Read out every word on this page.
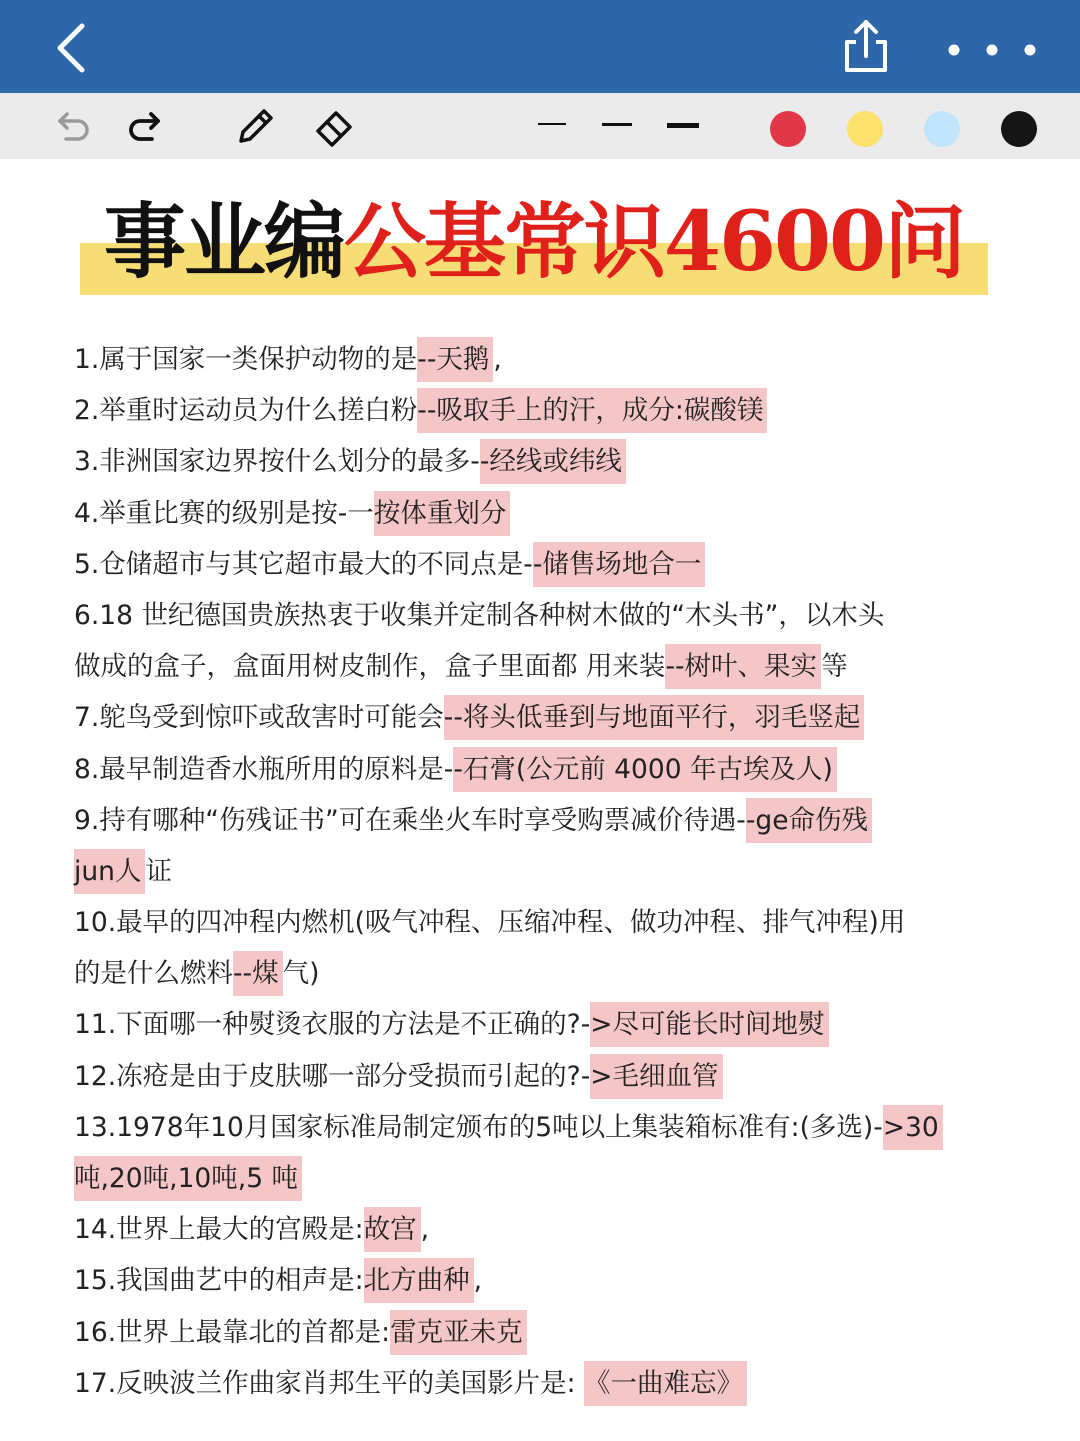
事业编公基常识4600问
1.属于国家一类保护动物的是--天鹅 ,
2.举重时运动员为什么搓白粉--吸取手上的汗，成分:碳酸镁
3.非洲国家边界按什么划分的最多--经线或纬线
4.举重比赛的级别是按-一按体重划分
5.仓储超市与其它超市最大的不同点是--储售场地合一
6.18 世纪德国贵族热衷于收集并定制各种树木做的“木头书”，以木头
做成的盒子，盒面用树皮制作，盒子里面都 用来装--树叶、果实 等
7.鸵鸟受到惊吓或敌害时可能会--将头低垂到与地面平行，羽毛竖起
8.最早制造香水瓶所用的原料是--石膏(公元前 4000 年古埃及人)
9.持有哪种“伤残证书”可在乘坐火车时享受购票减价待遇--ge命伤残
jun人 证
10.最早的四冲程内燃机(吸气冲程、压缩冲程、做功冲程、排气冲程)用
的是什么燃料--煤 气)
11.下面哪一种熨烫衣服的方法是不正确的?->尽可能长时间地熨
12.冻疮是由于皮肤哪一部分受损而引起的?->毛细血管
13.1978年10月国家标准局制定颁布的5吨以上集装箱标准有:(多选)->30
吨,20吨,10吨,5 吨
14.世界上最大的宫殿是:故宫 ,
15.我国曲艺中的相声是:北方曲种 ,
16.世界上最靠北的首都是:雷克亚未克
17.反映波兰作曲家肖邦生平的美国影片是: 《一曲难忘》
